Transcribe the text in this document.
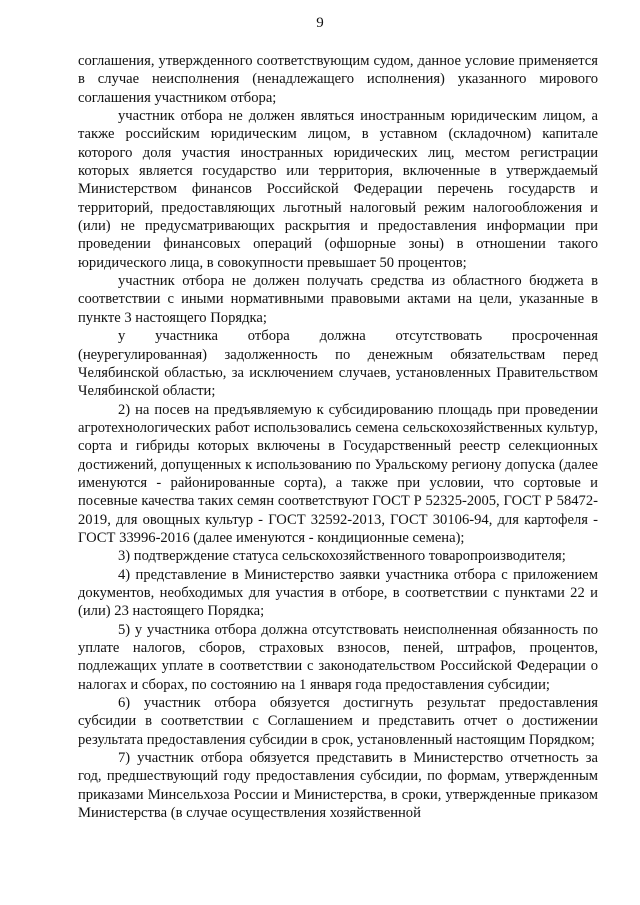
9

соглашения, утвержденного соответствующим судом, данное условие применяется в случае неисполнения (ненадлежащего исполнения) указанного мирового соглашения участником отбора;

участник отбора не должен являться иностранным юридическим лицом, а также российским юридическим лицом, в уставном (складочном) капитале которого доля участия иностранных юридических лиц, местом регистрации которых является государство или территория, включенные в утверждаемый Министерством финансов Российской Федерации перечень государств и территорий, предоставляющих льготный налоговый режим налогообложения и (или) не предусматривающих раскрытия и предоставления информации при проведении финансовых операций (офшорные зоны) в отношении такого юридического лица, в совокупности превышает 50 процентов;

участник отбора не должен получать средства из областного бюджета в соответствии с иными нормативными правовыми актами на цели, указанные в пункте 3 настоящего Порядка;

у участника отбора должна отсутствовать просроченная (неурегулированная) задолженность по денежным обязательствам перед Челябинской областью, за исключением случаев, установленных Правительством Челябинской области;

2) на посев на предъявляемую к субсидированию площадь при проведении агротехнологических работ использовались семена сельскохозяйственных культур, сорта и гибриды которых включены в Государственный реестр селекционных достижений, допущенных к использованию по Уральскому региону допуска (далее именуются - районированные сорта), а также при условии, что сортовые и посевные качества таких семян соответствуют ГОСТ Р 52325-2005, ГОСТ Р 58472-2019, для овощных культур - ГОСТ 32592-2013, ГОСТ 30106-94, для картофеля - ГОСТ 33996-2016 (далее именуются - кондиционные семена);

3) подтверждение статуса сельскохозяйственного товаропроизводителя;

4) представление в Министерство заявки участника отбора с приложением документов, необходимых для участия в отборе, в соответствии с пунктами 22 и (или) 23 настоящего Порядка;

5) у участника отбора должна отсутствовать неисполненная обязанность по уплате налогов, сборов, страховых взносов, пеней, штрафов, процентов, подлежащих уплате в соответствии с законодательством Российской Федерации о налогах и сборах, по состоянию на 1 января года предоставления субсидии;

6) участник отбора обязуется достигнуть результат предоставления субсидии в соответствии с Соглашением и представить отчет о достижении результата предоставления субсидии в срок, установленный настоящим Порядком;

7) участник отбора обязуется представить в Министерство отчетность за год, предшествующий году предоставления субсидии, по формам, утвержденным приказами Минсельхоза России и Министерства, в сроки, утвержденные приказом Министерства (в случае осуществления хозяйственной
